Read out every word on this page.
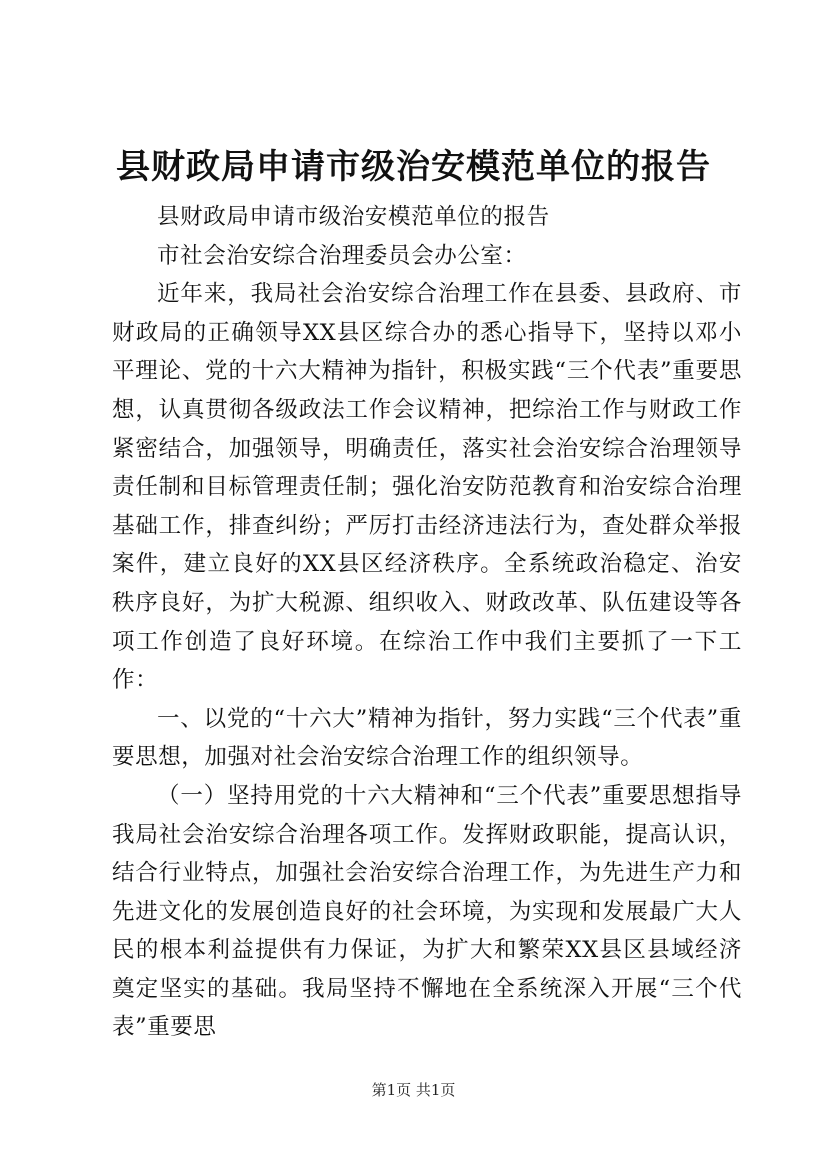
县财政局申请市级治安模范单位的报告

县财政局申请市级治安模范单位的报告

市社会治安综合治理委员会办公室：

近年来，我局社会治安综合治理工作在县委、县政府、市财政局的正确领导XX县区综合办的悉心指导下，坚持以邓小平理论、党的十六大精神为指针，积极实践“三个代表”重要思想，认真贯彻各级政法工作会议精神，把综治工作与财政工作紧密结合，加强领导，明确责任，落实社会治安综合治理领导责任制和目标管理责任制；强化治安防范教育和治安综合治理基础工作，排查纠纷；严厉打击经济违法行为，查处群众举报案件，建立良好的XX县区经济秩序。全系统政治稳定、治安秩序良好，为扩大税源、组织收入、财政改革、队伍建设等各项工作创造了良好环境。在综治工作中我们主要抓了一下工作：

一、以党的“十六大”精神为指针，努力实践“三个代表”重要思想，加强对社会治安综合治理工作的组织领导。

（一）坚持用党的十六大精神和“三个代表”重要思想指导我局社会治安综合治理各项工作。发挥财政职能，提高认识，结合行业特点，加强社会治安综合治理工作，为先进生产力和先进文化的发展创造良好的社会环境，为实现和发展最广大人民的根本利益提供有力保证，为扩大和繁荣XX县区县域经济奠定坚实的基础。我局坚持不懈地在全系统深入开展“三个代表”重要思

第1页 共1页
